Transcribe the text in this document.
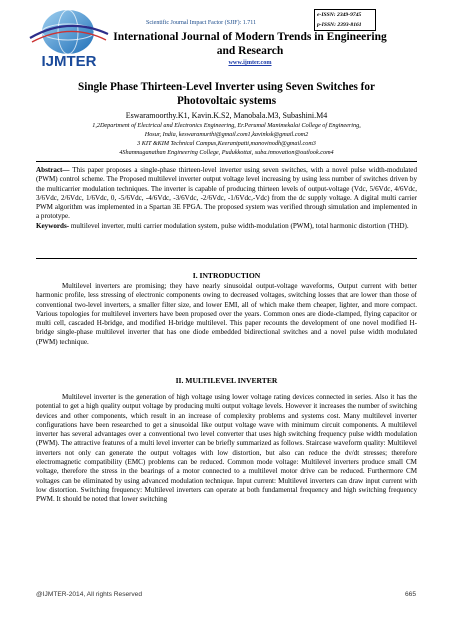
IJMTER
Scientific Journal Impact Factor (SJIF): 1.711
e-ISSN: 2349-9745
p-ISSN: 2393-8161
International Journal of Modern Trends in Engineering
and Research
www.ijmter.com
Single Phase Thirteen-Level Inverter using Seven Switches for
Photovoltaic systems
Eswaramoorthy.K1, Kavin.K.S2, Manobala.M3, Subashini.M4
1,2Department of Electrical and Electronics Engineering, Er.Perumal Manimekalai College of Engineering,
Hosur, India, keswaramurthi@gmail.com1,kavinksk@gmail.com2
3 KIT &KIM Technical Campus,Keeranipatti,manovinodh@gmail.com3
4Shanmuganathan Engineering College, Pudukkottai, suba.innovation@outlook.com4
Abstract— This paper proposes a single-phase thirteen-level inverter using seven switches, with a novel pulse width-modulated (PWM) control scheme. The Proposed multilevel inverter output voltage level increasing by using less number of switches driven by the multicarrier modulation techniques. The inverter is capable of producing thirteen levels of output-voltage (Vdc, 5/6Vdc, 4/6Vdc, 3/6Vdc, 2/6Vdc, 1/6Vdc, 0, -5/6Vdc, -4/6Vdc, -3/6Vdc, -2/6Vdc, -1/6Vdc,-Vdc) from the dc supply voltage. A digital multi carrier PWM algorithm was implemented in a Spartan 3E FPGA. The proposed system was verified through simulation and implemented in a prototype.
Keywords- multilevel inverter, multi carrier modulation system, pulse width-modulation (PWM), total harmonic distortion (THD).
I. INTRODUCTION

Multilevel inverters are promising; they have nearly sinusoidal output-voltage waveforms, Output current with better harmonic profile, less stressing of electronic components owing to decreased voltages, switching losses that are lower than those of conventional two-level inverters, a smaller filter size, and lower EMI, all of which make them cheaper, lighter, and more compact. Various topologies for multilevel inverters have been proposed over the years. Common ones are diode-clamped, flying capacitor or multi cell, cascaded H-bridge, and modified H-bridge multilevel. This paper recounts the development of one novel modified H-bridge single-phase multilevel inverter that has one diode embedded bidirectional switches and a novel pulse width modulated (PWM) technique.

II. MULTILEVEL INVERTER

Multilevel inverter is the generation of high voltage using lower voltage rating devices connected in series. Also it has the potential to get a high quality output voltage by producing multi output voltage levels. However it increases the number of switching devices and other components, which result in an increase of complexity problems and systems cost. Many multilevel inverter configurations have been researched to get a sinusoidal like output voltage wave with minimum circuit components. A multilevel inverter has several advantages over a conventional two level converter that uses high switching frequency pulse width modulation (PWM). The attractive features of a multi level inverter can be briefly summarized as follows. Staircase waveform quality: Multilevel inverters not only can generate the output voltages with low distortion, but also can reduce the dv/dt stresses; therefore electromagnetic compatibility (EMC) problems can be reduced. Common mode voltage: Multilevel inverters produce small CM voltage, therefore the stress in the bearings of a motor connected to a multilevel motor drive can be reduced. Furthermore CM voltages can be eliminated by using advanced modulation technique. Input current: Multilevel inverters can draw input current with low distortion. Switching frequency: Multilevel inverters can operate at both fundamental frequency and high switching frequency PWM. It should be noted that lower switching

@IJMTER-2014, All rights Reserved	665
